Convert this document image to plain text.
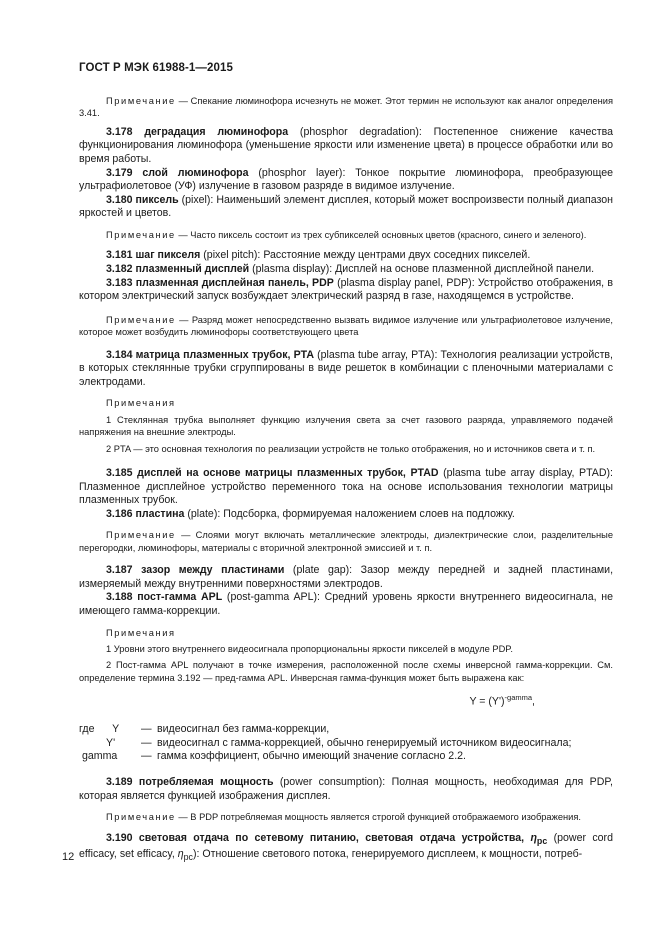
ГОСТ Р МЭК 61988-1—2015

Примечание — Спекание люминофора исчезнуть не может. Этот термин не используют как аналог определения 3.41.

3.178 деградация люминофора (phosphor degradation): Постепенное снижение качества функционирования люминофора (уменьшение яркости или изменение цвета) в процессе обработки или во время работы.

3.179 слой люминофора (phosphor layer): Тонкое покрытие люминофора, преобразующее ультрафиолетовое (УФ) излучение в газовом разряде в видимое излучение.

3.180 пиксель (pixel): Наименьший элемент дисплея, который может воспроизвести полный диапазон яркостей и цветов.

Примечание — Часто пиксель состоит из трех субпикселей основных цветов (красного, синего и зеленого).

3.181 шаг пикселя (pixel pitch): Расстояние между центрами двух соседних пикселей.

3.182 плазменный дисплей (plasma display): Дисплей на основе плазменной дисплейной панели.

3.183 плазменная дисплейная панель, PDP (plasma display panel, PDP): Устройство отображения, в котором электрический запуск возбуждает электрический разряд в газе, находящемся в устройстве.

Примечание — Разряд может непосредственно вызвать видимое излучение или ультрафиолетовое излучение, которое может возбудить люминофоры соответствующего цвета

3.184 матрица плазменных трубок, PTA (plasma tube array, PTA): Технология реализации устройств, в которых стеклянные трубки сгруппированы в виде решеток в комбинации с пленочными материалами с электродами.

Примечания

1 Стеклянная трубка выполняет функцию излучения света за счет газового разряда, управляемого подачей напряжения на внешние электроды.

2 PTA — это основная технология по реализации устройств не только отображения, но и источников света и т. п.

3.185 дисплей на основе матрицы плазменных трубок, PTAD (plasma tube array display, PTAD): Плазменное дисплейное устройство переменного тока на основе использования технологии матрицы плазменных трубок.

3.186 пластина (plate): Подсборка, формируемая наложением слоев на подложку.

Примечание — Слоями могут включать металлические электроды, диэлектрические слои, разделительные перегородки, люминофоры, материалы с вторичной электронной эмиссией и т. п.

3.187 зазор между пластинами (plate gap): Зазор между передней и задней пластинами, измеряемый между внутренними поверхностями электродов.

3.188 пост-гамма APL (post-gamma APL): Средний уровень яркости внутреннего видеосигнала, не имеющего гамма-коррекции.

Примечания

1 Уровни этого внутреннего видеосигнала пропорциональны яркости пикселей в модуле PDP.

2 Пост-гамма APL получают в точке измерения, расположенной после схемы инверсной гамма-коррекции. См. определение термина 3.192 — пред-гамма APL. Инверсная гамма-функция может быть выражена как:

$Y = (Y')^{-gamma}$,
где Y	— видеосигнал без гамма-коррекции,
Y'	— видеосигнал с гамма-коррекцией, обычно генерируемый источником видеосигнала;
gamma	— гамма коэффициент, обычно имеющий значение согласно 2.2.

3.189 потребляемая мощность (power consumption): Полная мощность, необходимая для PDP, которая является функцией изображения дисплея.

Примечание — В PDP потребляемая мощность является строгой функцией отображаемого изображения.

3.190 световая отдача по сетевому питанию, световая отдача устройства, $\eta_{pc}$ (power cord efficacy, set efficacy, $\eta_{pc}$): Отношение светового потока, генерируемого дисплеем, к мощности, потреб-

12
